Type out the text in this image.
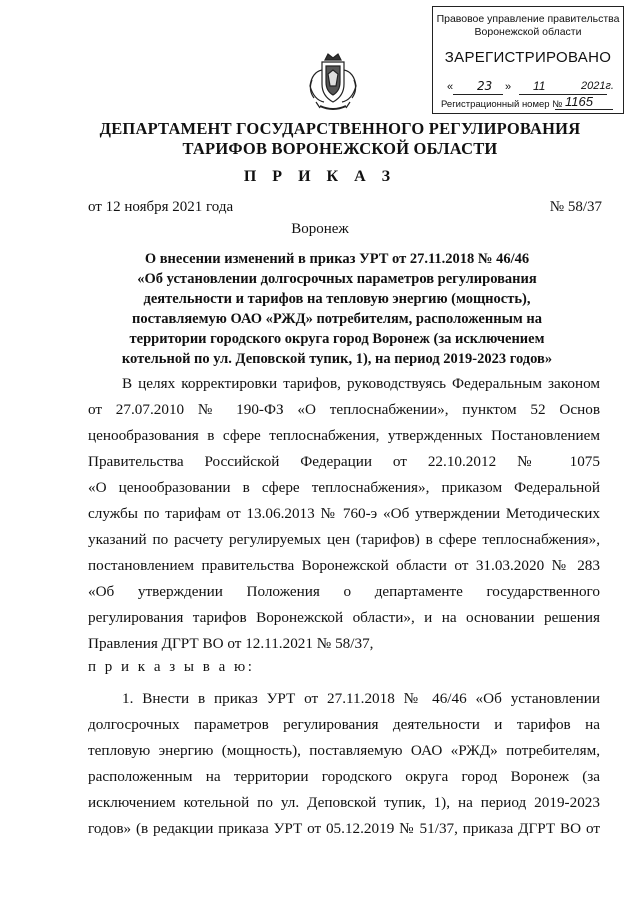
Правовое управление правительства
Воронежской области
ЗАРЕГИСТРИРОВАНО
« 23 » 11	2021г.
Регистрационный номер № 1165
ДЕПАРТАМЕНТ ГОСУДАРСТВЕННОГО РЕГУЛИРОВАНИЯ
ТАРИФОВ ВОРОНЕЖСКОЙ ОБЛАСТИ
П Р И К А З
от 12 ноября 2021 года	№ 58/37
Воронеж
О внесении изменений в приказ УРТ от 27.11.2018 № 46/46
«Об установлении долгосрочных параметров регулирования
деятельности и тарифов на тепловую энергию (мощность),
поставляемую ОАО «РЖД» потребителям, расположенным на
территории городского округа город Воронеж (за исключением
котельной по ул. Деповской тупик, 1), на период 2019-2023 годов»

В целях корректировки тарифов, руководствуясь Федеральным законом

от 27.07.2010 № 190-ФЗ «О теплоснабжении», пунктом 52 Основ

ценообразования в сфере теплоснабжения, утвержденных Постановлением

Правительства Российской Федерации от 22.10.2012 № 1075

«О ценообразовании в сфере теплоснабжения», приказом Федеральной

службы по тарифам от 13.06.2013 № 760-э «Об утверждении Методических

указаний по расчету регулируемых цен (тарифов) в сфере теплоснабжения»,

постановлением правительства Воронежской области от 31.03.2020 № 283

«Об утверждении Положения о департаменте государственного

регулирования тарифов Воронежской области», и на основании решения

Правления ДГРТ ВО от 12.11.2021 № 58/37,

п р и к а з ы в а ю:

1. Внести в приказ УРТ от 27.11.2018 № 46/46 «Об установлении

долгосрочных параметров регулирования деятельности и тарифов на

тепловую энергию (мощность), поставляемую ОАО «РЖД» потребителям,

расположенным на территории городского округа город Воронеж (за

исключением котельной по ул. Деповской тупик, 1), на период 2019-2023

годов» (в редакции приказа УРТ от 05.12.2019 № 51/37, приказа ДГРТ ВО от
